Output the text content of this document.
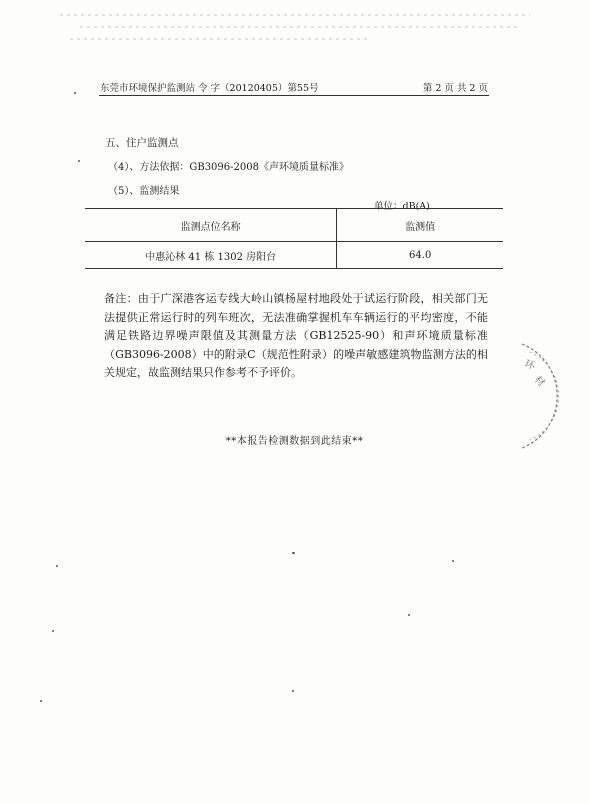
东莞市环境保护监测站 令 字（20120405）第55号	第 2 页 共 2 页
五、住户监测点
（4）、方法依据：GB3096-2008《声环境质量标准》
（5）、监测结果
单位：dB(A)
监测点位名称	监测值
中惠沁林 41 栋 1302 房阳台	64.0
备注：由于广深港客运专线大岭山镇杨屋村地段处于试运行阶段，相关部门无法提供正常运行时的列车班次，无法准确掌握机车车辆运行的平均密度，不能满足铁路边界噪声限值及其测量方法（GB12525-90）和声环境质量标准（GB3096-2008）中的附录C（规范性附录）的噪声敏感建筑物监测方法的相关规定，故监测结果只作参考不予评价。
**本报告检测数据到此结束**
环
材
